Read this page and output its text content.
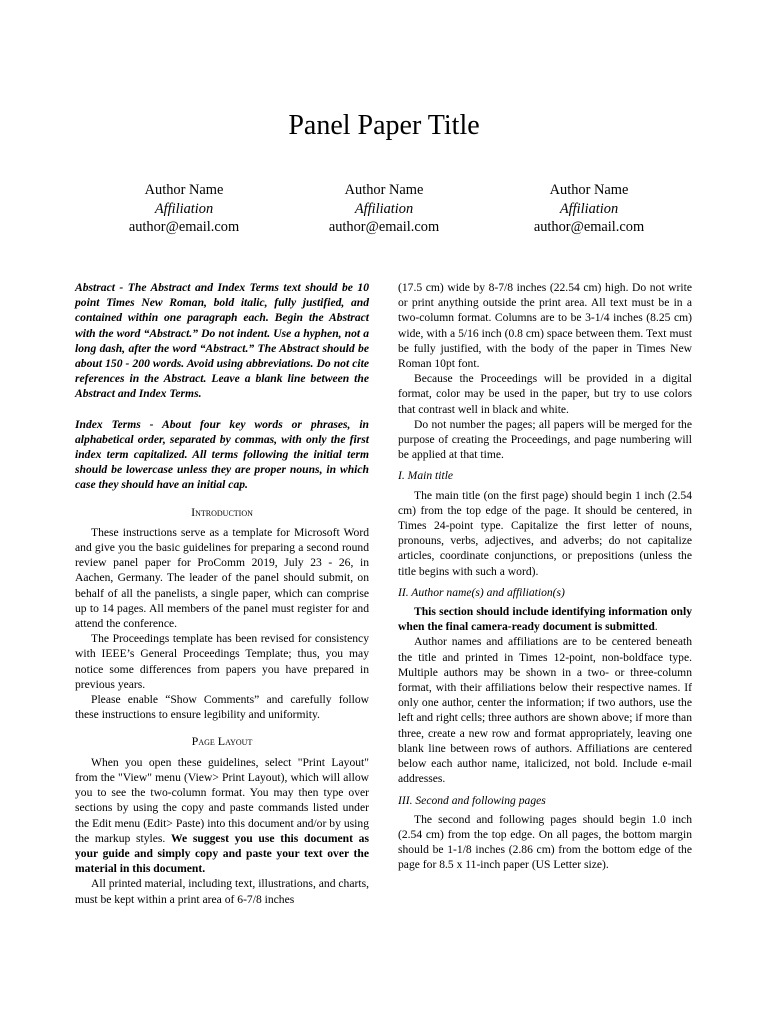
Panel Paper Title
Author Name
Affiliation
author@email.com
Author Name
Affiliation
author@email.com
Author Name
Affiliation
author@email.com

Abstract - The Abstract and Index Terms text should be 10 point Times New Roman, bold italic, fully justified, and contained within one paragraph each. Begin the Abstract with the word “Abstract.” Do not indent. Use a hyphen, not a long dash, after the word “Abstract.” The Abstract should be about 150 - 200 words. Avoid using abbreviations. Do not cite references in the Abstract. Leave a blank line between the Abstract and Index Terms.

Index Terms - About four key words or phrases, in alphabetical order, separated by commas, with only the first index term capitalized. All terms following the initial term should be lowercase unless they are proper nouns, in which case they should have an initial cap.

Introduction

These instructions serve as a template for Microsoft Word and give you the basic guidelines for preparing a second round review panel paper for ProComm 2019, July 23 - 26, in Aachen, Germany. The leader of the panel should submit, on behalf of all the panelists, a single paper, which can comprise up to 14 pages. All members of the panel must register for and attend the conference.

The Proceedings template has been revised for consistency with IEEE’s General Proceedings Template; thus, you may notice some differences from papers you have prepared in previous years.

Please enable “Show Comments” and carefully follow these instructions to ensure legibility and uniformity.

Page Layout

When you open these guidelines, select "Print Layout" from the "View" menu (View> Print Layout), which will allow you to see the two-column format. You may then type over sections by using the copy and paste commands listed under the Edit menu (Edit> Paste) into this document and/or by using the markup styles. We suggest you use this document as your guide and simply copy and paste your text over the material in this document.

All printed material, including text, illustrations, and charts, must be kept within a print area of 6-7/8 inches

(17.5 cm) wide by 8-7/8 inches (22.54 cm) high. Do not write or print anything outside the print area. All text must be in a two-column format. Columns are to be 3-1/4 inches (8.25 cm) wide, with a 5/16 inch (0.8 cm) space between them. Text must be fully justified, with the body of the paper in Times New Roman 10pt font.

Because the Proceedings will be provided in a digital format, color may be used in the paper, but try to use colors that contrast well in black and white.

Do not number the pages; all papers will be merged for the purpose of creating the Proceedings, and page numbering will be applied at that time.

I. Main title

The main title (on the first page) should begin 1 inch (2.54 cm) from the top edge of the page. It should be centered, in Times 24-point type. Capitalize the first letter of nouns, pronouns, verbs, adjectives, and adverbs; do not capitalize articles, coordinate conjunctions, or prepositions (unless the title begins with such a word).

II. Author name(s) and affiliation(s)

This section should include identifying information only when the final camera-ready document is submitted.

Author names and affiliations are to be centered beneath the title and printed in Times 12-point, non-boldface type. Multiple authors may be shown in a two- or three-column format, with their affiliations below their respective names. If only one author, center the information; if two authors, use the left and right cells; three authors are shown above; if more than three, create a new row and format appropriately, leaving one blank line between rows of authors. Affiliations are centered below each author name, italicized, not bold. Include e-mail addresses.

III. Second and following pages

The second and following pages should begin 1.0 inch (2.54 cm) from the top edge. On all pages, the bottom margin should be 1-1/8 inches (2.86 cm) from the bottom edge of the page for 8.5 x 11-inch paper (US Letter size).
